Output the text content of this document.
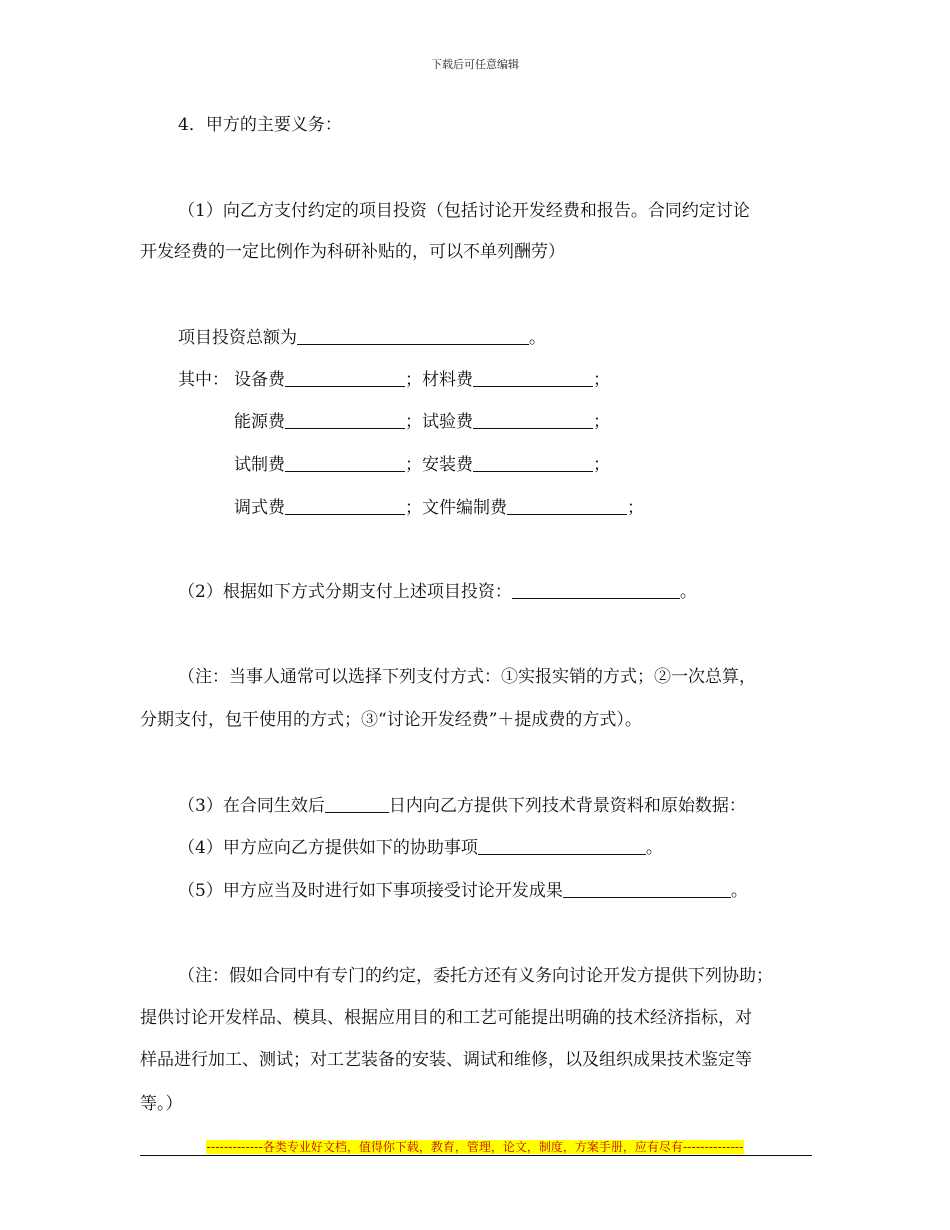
下载后可任意编辑
4．甲方的主要义务：
（1）向乙方支付约定的项目投资（包括讨论开发经费和报告。合同约定讨论
开发经费的一定比例作为科研补贴的，可以不单列酬劳）
项目投资总额为	。
其中： 设备费	；材料费	；
能源费	；试验费	；
试制费	；安装费	；
调式费	；文件编制费	；
（2）根据如下方式分期支付上述项目投资：	。
（注：当事人通常可以选择下列支付方式：①实报实销的方式；②一次总算，
分期支付，包干使用的方式；③“讨论开发经费”＋提成费的方式）。
（3）在合同生效后	日内向乙方提供下列技术背景资料和原始数据：
（4）甲方应向乙方提供如下的协助事项	。
（5）甲方应当及时进行如下事项接受讨论开发成果	。
（注：假如合同中有专门的约定，委托方还有义务向讨论开发方提供下列协助；
提供讨论开发样品、模具、根据应用目的和工艺可能提出明确的技术经济指标，对
样品进行加工、测试；对工艺装备的安装、调试和维修，以及组织成果技术鉴定等
等。）
-------------各类专业好文档，值得你下载，教育，管理，论文，制度，方案手册，应有尽有--------------
